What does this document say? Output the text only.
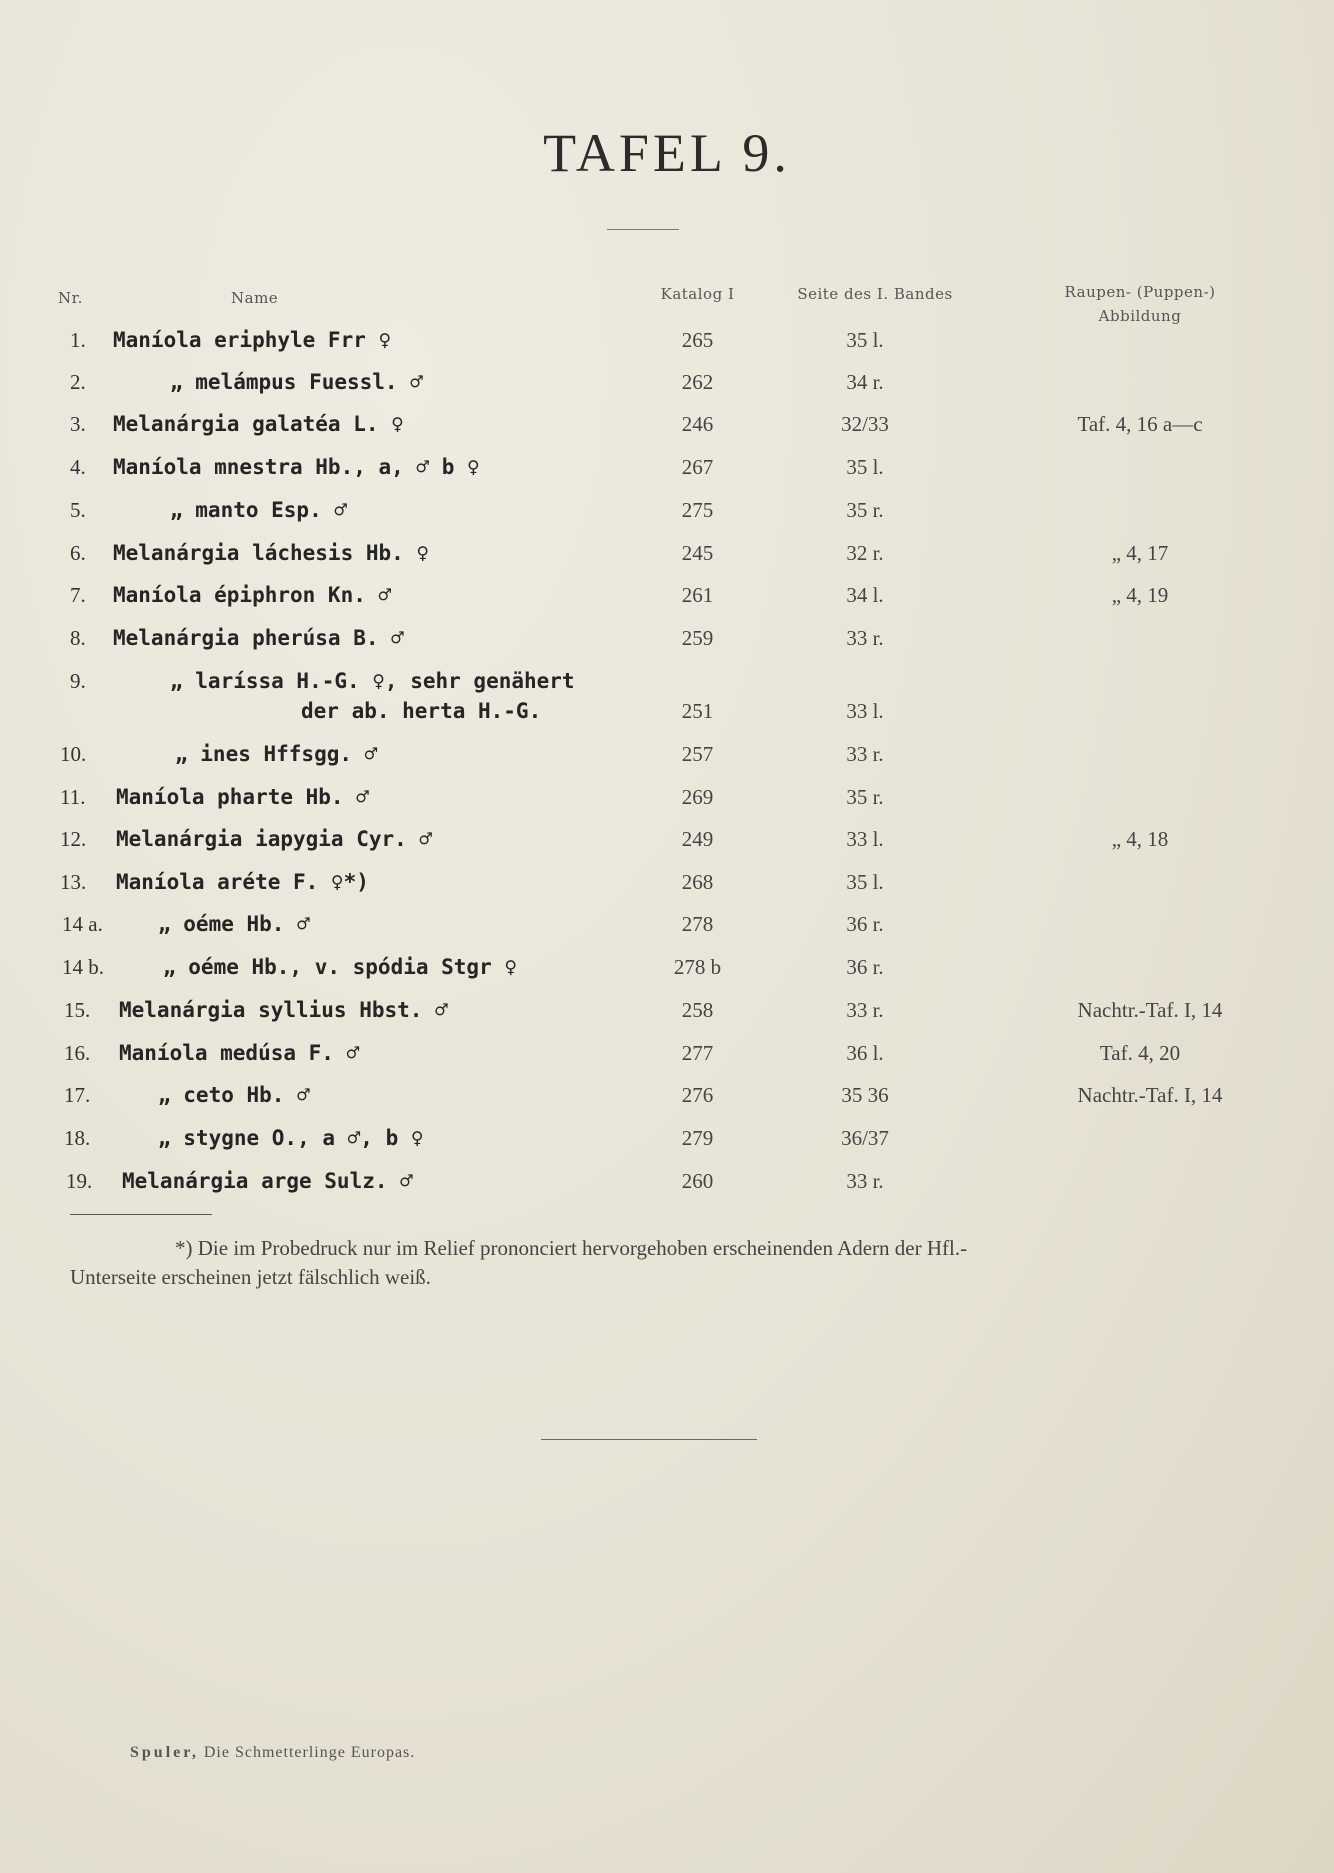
TAFEL 9.
Nr.	Name	Katalog I	Seite des I. Bandes	Raupen- (Puppen-)
Abbildung
1. Maníola eriphyle Frr ♀	265	35 l.
2.	„ melámpus Fuessl. ♂	262	34 r.
3. Melanárgia galatéa L. ♀	246	32/33	Taf. 4, 16 a—c
4. Maníola mnestra Hb., a, ♂ b ♀	267	35 l.
5.	„ manto Esp. ♂	275	35 r.
6. Melanárgia láchesis Hb. ♀	245	32 r.	„ 4, 17
7. Maníola épiphron Kn. ♂	261	34 l.	„ 4, 19
8. Melanárgia pherúsa B. ♂	259	33 r.
9.	„ laríssa H.-G. ♀, sehr genähert
der ab. herta H.-G.	251	33 l.
10.	„ ines Hffsgg. ♂	257	33 r.
11. Maníola pharte Hb. ♂	269	35 r.
12. Melanárgia iapygia Cyr. ♂	249	33 l.	„ 4, 18
13. Maníola aréte F. ♀*)	268	35 l.
14 a.	„ oéme Hb. ♂	278	36 r.
14 b.	„ oéme Hb., v. spódia Stgr ♀	278 b	36 r.
15. Melanárgia syllius Hbst. ♂	258	33 r.	Nachtr.-Taf. I, 14
16. Maníola medúsa F. ♂	277	36 l.	Taf. 4, 20
17.	„ ceto Hb. ♂	276	35 36	Nachtr.-Taf. I, 14
18.	„ stygne O., a ♂, b ♀	279	36/37
19. Melanárgia arge Sulz. ♂	260	33 r.
*) Die im Probedruck nur im Relief prononciert hervorgehoben erscheinenden Adern der Hfl.-
Unterseite erscheinen jetzt fälschlich weiß.
Spuler, Die Schmetterlinge Europas.
